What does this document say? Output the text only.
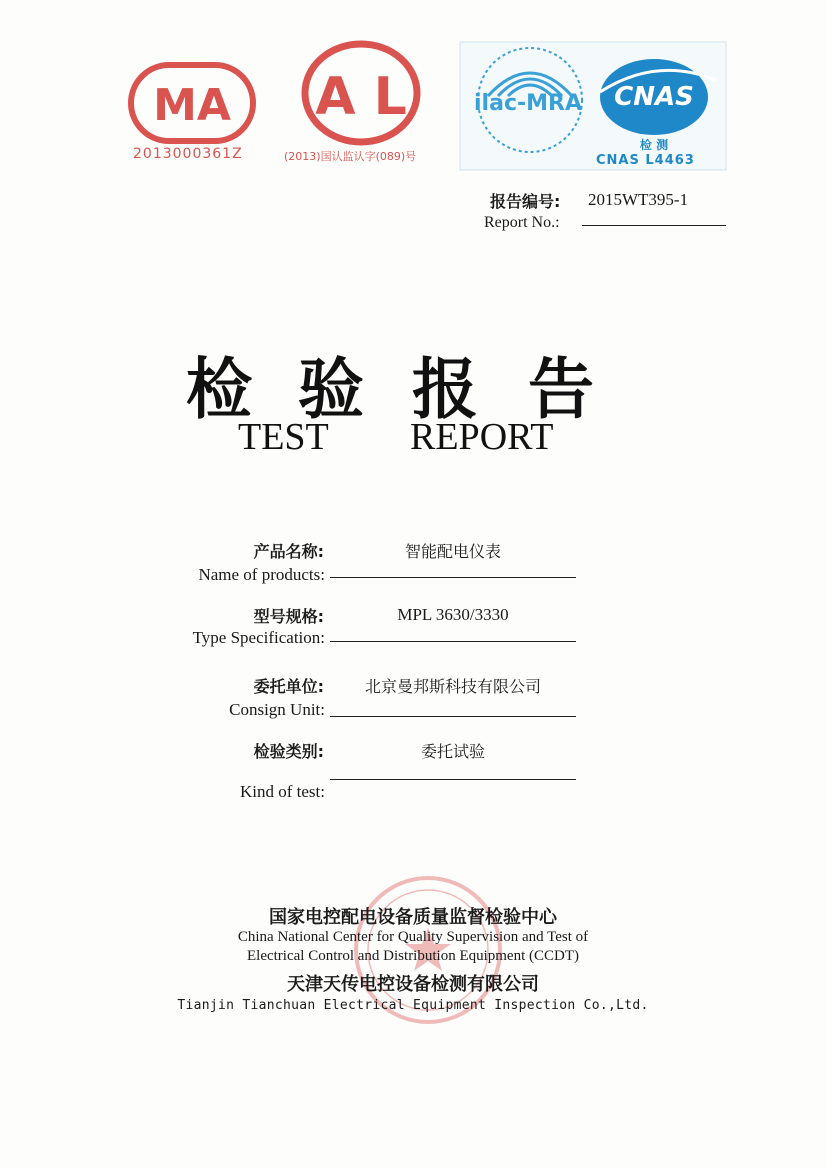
MA
2013000361Z
A L
(2013)国认监认字(089)号
ilac-MRA CNAS
检 测
CNAS L4463
报告编号: 2015WT395-1
Report No.:
检 验 报 告
TEST REPORT
产品名称:	智能配电仪表
Name of products:
型号规格:	MPL 3630/3330
Type Specification:
委托单位:	北京曼邦斯科技有限公司
Consign Unit:
检验类别:	委托试验
Kind of test:
国家电控配电设备质量监督检验中心
China National Center for Quality Supervision and Test of
Electrical Control and Distribution Equipment (CCDT)
天津天传电控设备检测有限公司
Tianjin Tianchuan Electrical Equipment Inspection Co.,Ltd.
